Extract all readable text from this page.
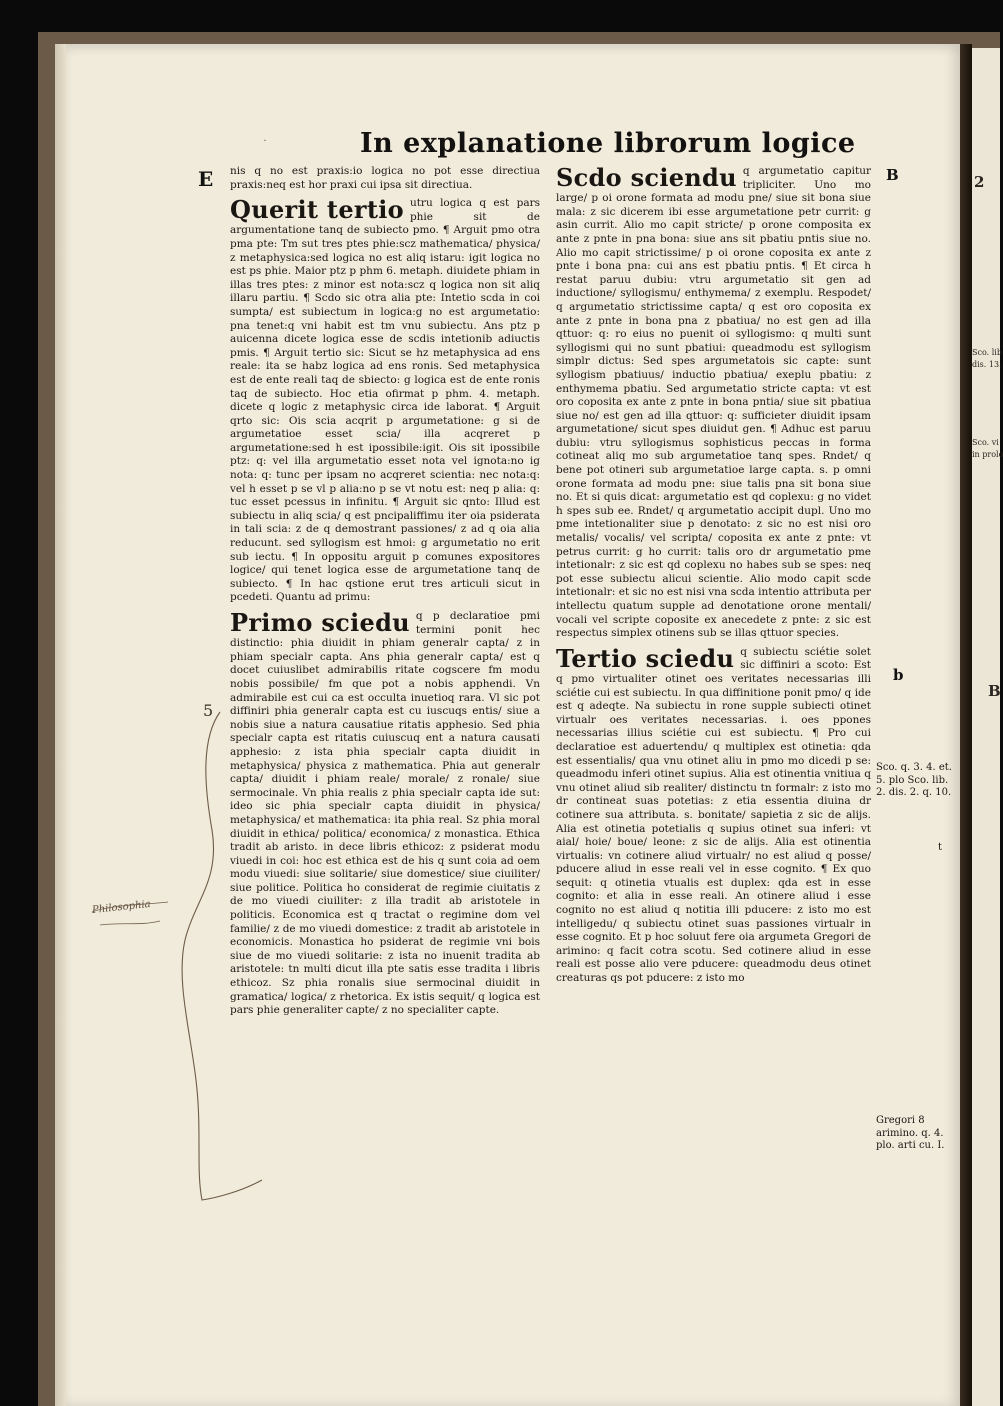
2
Sco. lib
dis. 13.
Sco. vi
in prolo
B
˙	In explanatione librorum logice
E	B
b

nis q no est praxis:io logica no pot esse directiua praxis:neq est hor praxi cui ipsa sit directiua.

Querit tertio utru logica q est pars phie sit de argumentatione tanq de subiecto pmo. ¶ Arguit pmo otra pma pte: Tm sut tres ptes phie:scz mathematica/ physica/ z metaphysica:sed logica no est aliq istaru: igit logica no est ps phie. Maior ptz p phm 6. metaph. diuidete phiam in illas tres ptes: z minor est nota:scz q logica non sit aliq illaru partiu. ¶ Scdo sic otra alia pte: Intetio scda in coi sumpta/ est subiectum in logica:g no est argumetatio: pna tenet:q vni habit est tm vnu subiectu. Ans ptz p auicenna dicete logica esse de scdis intetionib adiuctis pmis. ¶ Arguit tertio sic: Sicut se hz metaphysica ad ens reale: ita se habz logica ad ens ronis. Sed metaphysica est de ente reali taq de sbiecto: g logica est de ente ronis taq de subiecto. Hoc etia ofirmat p phm. 4. metaph. dicete q logic z metaphysic circa ide laborat. ¶ Arguit qrto sic: Ois scia acqrit p argumetatione: g si de argumetatioe esset scia/ illa acqreret p argumetatione:sed h est ipossibile:igit. Ois sit ipossibile ptz: q: vel illa argumetatio esset nota vel ignota:no ig nota: q: tunc per ipsam no acqreret scientia: nec nota:q: vel h esset p se vl p alia:no p se vt notu est: neq p alia: q: tuc esset pcessus in infinitu. ¶ Arguit sic qnto: Illud est subiectu in aliq scia/ q est pncipaliffimu iter oia psiderata in tali scia: z de q demostrant passiones/ z ad q oia alia reducunt. sed syllogism est hmoi: g argumetatio no erit sub iectu. ¶ In oppositu arguit p comunes expositores logice/ qui tenet logica esse de argumetatione tanq de subiecto. ¶ In hac qstione erut tres articuli sicut in pcedeti. Quantu ad primu:

Primo sciedu q p declaratioe pmi termini ponit hec distinctio: phia diuidit in phiam generalr capta/ z in phiam specialr capta. Ans phia generalr capta/ est q docet cuiuslibet admirabilis ritate cogscere fm modu nobis possibile/ fm que pot a nobis apphendi. Vn admirabile est cui ca est occulta inuetioq rara. Vl sic pot diffiniri phia generalr capta est cu iuscuqs entis/ siue a nobis siue a natura causatiue ritatis apphesio. Sed phia specialr capta est ritatis cuiuscuq ent a natura causati apphesio: z ista phia specialr capta diuidit in metaphysica/ physica z mathematica. Phia aut generalr capta/ diuidit i phiam reale/ morale/ z ronale/ siue sermocinale. Vn phia realis z phia specialr capta ide sut: ideo sic phia specialr capta diuidit in physica/ metaphysica/ et mathematica: ita phia real. Sz phia moral diuidit in ethica/ politica/ economica/ z monastica. Ethica tradit ab aristo. in dece libris ethicoz: z psiderat modu viuedi in coi: hoc est ethica est de his q sunt coia ad oem modu viuedi: siue solitarie/ siue domestice/ siue ciuiliter/ siue politice. Politica ho considerat de regimie ciuitatis z de mo viuedi ciuiliter: z illa tradit ab aristotele in politicis. Economica est q tractat o regimine dom vel familie/ z de mo viuedi domestice: z tradit ab aristotele in economicis. Monastica ho psiderat de regimie vni bois siue de mo viuedi solitarie: z ista no inuenit tradita ab aristotele: tn multi dicut illa pte satis esse tradita i libris ethicoz. Sz phia ronalis siue sermocinal diuidit in gramatica/ logica/ z rhetorica. Ex istis sequit/ q logica est pars phie generaliter capte/ z no specialiter capte.

Scdo sciendu q argumetatio capitur tripliciter. Uno mo large/ p oi orone formata ad modu pne/ siue sit bona siue mala: z sic dicerem ibi esse argumetatione petr currit: g asin currit. Alio mo capit stricte/ p orone composita ex ante z pnte in pna bona: siue ans sit pbatiu pntis siue no. Alio mo capit strictissime/ p oi orone coposita ex ante z pnte i bona pna: cui ans est pbatiu pntis. ¶ Et circa h restat paruu dubiu: vtru argumetatio sit gen ad inductione/ syllogismu/ enthymema/ z exemplu. Respodet/ q argumetatio strictissime capta/ q est oro coposita ex ante z pnte in bona pna z pbatiua/ no est gen ad illa qttuor: q: ro eius no puenit oi syllogismo: q multi sunt syllogismi qui no sunt pbatiui: queadmodu est syllogism simplr dictus: Sed spes argumetatois sic capte: sunt syllogism pbatiuus/ inductio pbatiua/ exeplu pbatiu: z enthymema pbatiu. Sed argumetatio stricte capta: vt est oro coposita ex ante z pnte in bona pntia/ siue sit pbatiua siue no/ est gen ad illa qttuor: q: sufficieter diuidit ipsam argumetatione/ sicut spes diuidut gen. ¶ Adhuc est paruu dubiu: vtru syllogismus sophisticus peccas in forma cotineat aliq mo sub argumetatioe tanq spes. Rndet/ q bene pot otineri sub argumetatioe large capta. s. p omni orone formata ad modu pne: siue talis pna sit bona siue no. Et si quis dicat: argumetatio est qd coplexu: g no videt h spes sub ee. Rndet/ q argumetatio accipit dupl. Uno mo pme intetionaliter siue p denotato: z sic no est nisi oro metalis/ vocalis/ vel scripta/ coposita ex ante z pnte: vt petrus currit: g ho currit: talis oro dr argumetatio pme intetionalr: z sic est qd coplexu no habes sub se spes: neq pot esse subiectu alicui scientie. Alio modo capit scde intetionalr: et sic no est nisi vna scda intentio attributa per intellectu quatum supple ad denotatione orone mentali/ vocali vel scripte coposite ex anecedete z pnte: z sic est respectus simplex otinens sub se illas qttuor species.

Tertio sciedu q subiectu sciétie solet sic diffiniri a scoto: Est q pmo virtualiter otinet oes veritates necessarias illi sciétie cui est subiectu. In qua diffinitione ponit pmo/ q ide est q adeqte. Na subiectu in rone supple subiecti otinet virtualr oes veritates necessarias. i. oes ppones necessarias illius sciétie cui est subiectu. ¶ Pro cui declaratioe est aduertendu/ q multiplex est otinetia: qda est essentialis/ qua vnu otinet aliu in pmo mo dicedi p se: queadmodu inferi otinet supius. Alia est otinentia vnitiua q vnu otinet aliud sib realiter/ distinctu tn formalr: z isto mo dr contineat suas potetias: z etia essentia diuina dr cotinere sua attributa. s. bonitate/ sapietia z sic de alijs. Alia est otinetia potetialis q supius otinet sua inferi: vt aial/ hoie/ boue/ leone: z sic de alijs. Alia est otinentia virtualis: vn cotinere aliud virtualr/ no est aliud q posse/ pducere aliud in esse reali vel in esse cognito. ¶ Ex quo sequit: q otinetia vtualis est duplex: qda est in esse cognito: et alia in esse reali. An otinere aliud i esse cognito no est aliud q notitia illi pducere: z isto mo est intelligedu/ q subiectu otinet suas passiones virtualr in esse cognito. Et p hoc soluut fere oia argumeta Gregori de arimino: q facit cotra scotu. Sed cotinere aliud in esse reali est posse alio vere pducere: queadmodu deus otinet creaturas qs pot pducere: z isto mo

Sco. q. 3. 4. et. 5. plo Sco. lib. 2. dis. 2. q. 10.
t
Gregori 8 arimino. q. 4. plo. arti cu. I.
5
Philosophia
